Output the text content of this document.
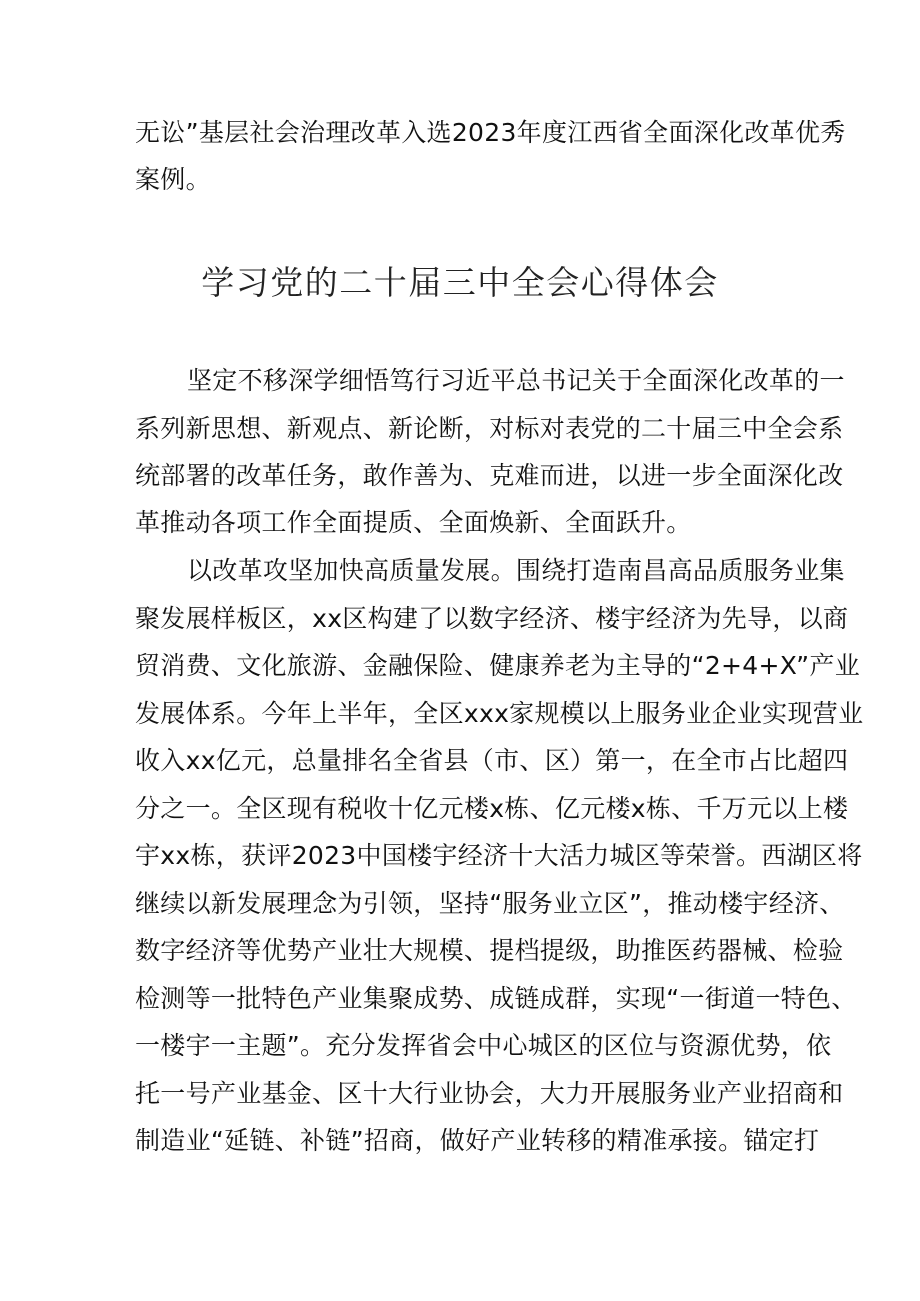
无讼”基层社会治理改革入选2023年度江西省全面深化改革优秀
案例。
学习党的二十届三中全会心得体会
坚定不移深学细悟笃行习近平总书记关于全面深化改革的一
系列新思想、新观点、新论断，对标对表党的二十届三中全会系
统部署的改革任务，敢作善为、克难而进，以进一步全面深化改
革推动各项工作全面提质、全面焕新、全面跃升。
以改革攻坚加快高质量发展。围绕打造南昌高品质服务业集
聚发展样板区，xx区构建了以数字经济、楼宇经济为先导，以商
贸消费、文化旅游、金融保险、健康养老为主导的“2+4+X”产业
发展体系。今年上半年，全区xxx家规模以上服务业企业实现营业
收入xx亿元，总量排名全省县（市、区）第一，在全市占比超四
分之一。全区现有税收十亿元楼x栋、亿元楼x栋、千万元以上楼
宇xx栋，获评2023中国楼宇经济十大活力城区等荣誉。西湖区将
继续以新发展理念为引领，坚持“服务业立区”，推动楼宇经济、
数字经济等优势产业壮大规模、提档提级，助推医药器械、检验
检测等一批特色产业集聚成势、成链成群，实现“一街道一特色、
一楼宇一主题”。充分发挥省会中心城区的区位与资源优势，依
托一号产业基金、区十大行业协会，大力开展服务业产业招商和
制造业“延链、补链”招商，做好产业转移的精准承接。锚定打
